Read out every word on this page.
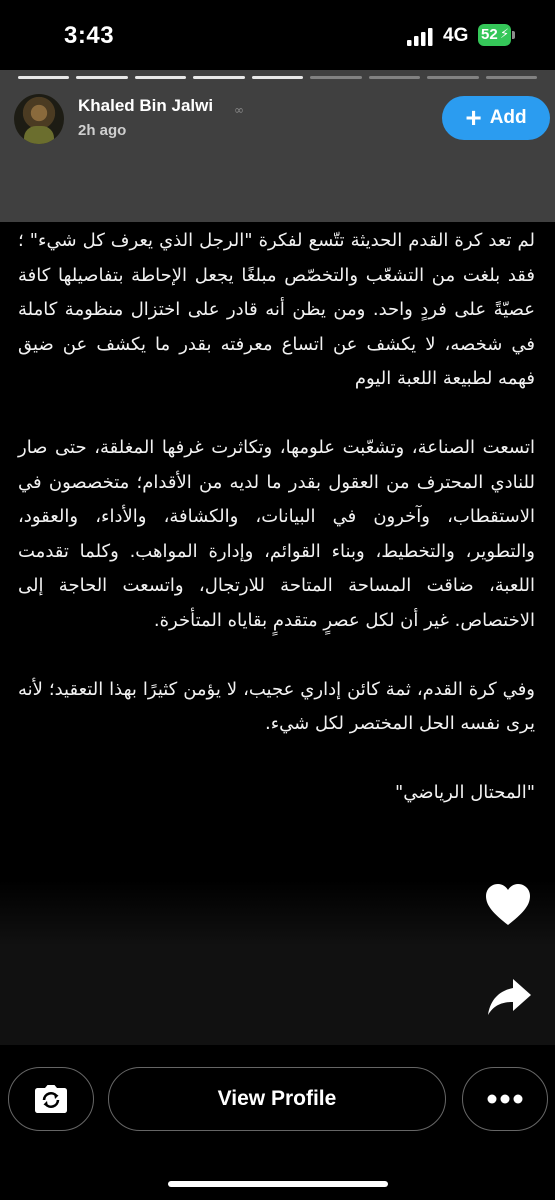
3:43	4G 52 ⚡
Khaled Bin Jalwi ∞
2h ago	+ Add

لم تعد كرة القدم الحديثة تتّسع لفكرة "الرجل الذي يعرف كل شيء" ؛ فقد بلغت من التشعّب والتخصّص مبلغًا يجعل الإحاطة بتفاصيلها كافة عصيّةً على فردٍ واحد. ومن يظن أنه قادر على اختزال منظومة كاملة في شخصه، لا يكشف عن اتساع معرفته بقدر ما يكشف عن ضيق فهمه لطبيعة اللعبة اليوم

اتسعت الصناعة، وتشعّبت علومها، وتكاثرت غرفها المغلقة، حتى صار للنادي المحترف من العقول بقدر ما لديه من الأقدام؛ متخصصون في الاستقطاب، وآخرون في البيانات، والكشافة، والأداء، والعقود، والتطوير، والتخطيط، وبناء القوائم، وإدارة المواهب. وكلما تقدمت اللعبة، ضاقت المساحة المتاحة للارتجال، واتسعت الحاجة إلى الاختصاص. غير أن لكل عصرٍ متقدمٍ بقاياه المتأخرة.

وفي كرة القدم، ثمة كائن إداري عجيب، لا يؤمن كثيرًا بهذا التعقيد؛ لأنه يرى نفسه الحل المختصر لكل شيء.

"المحتال الرياضي"

View Profile
